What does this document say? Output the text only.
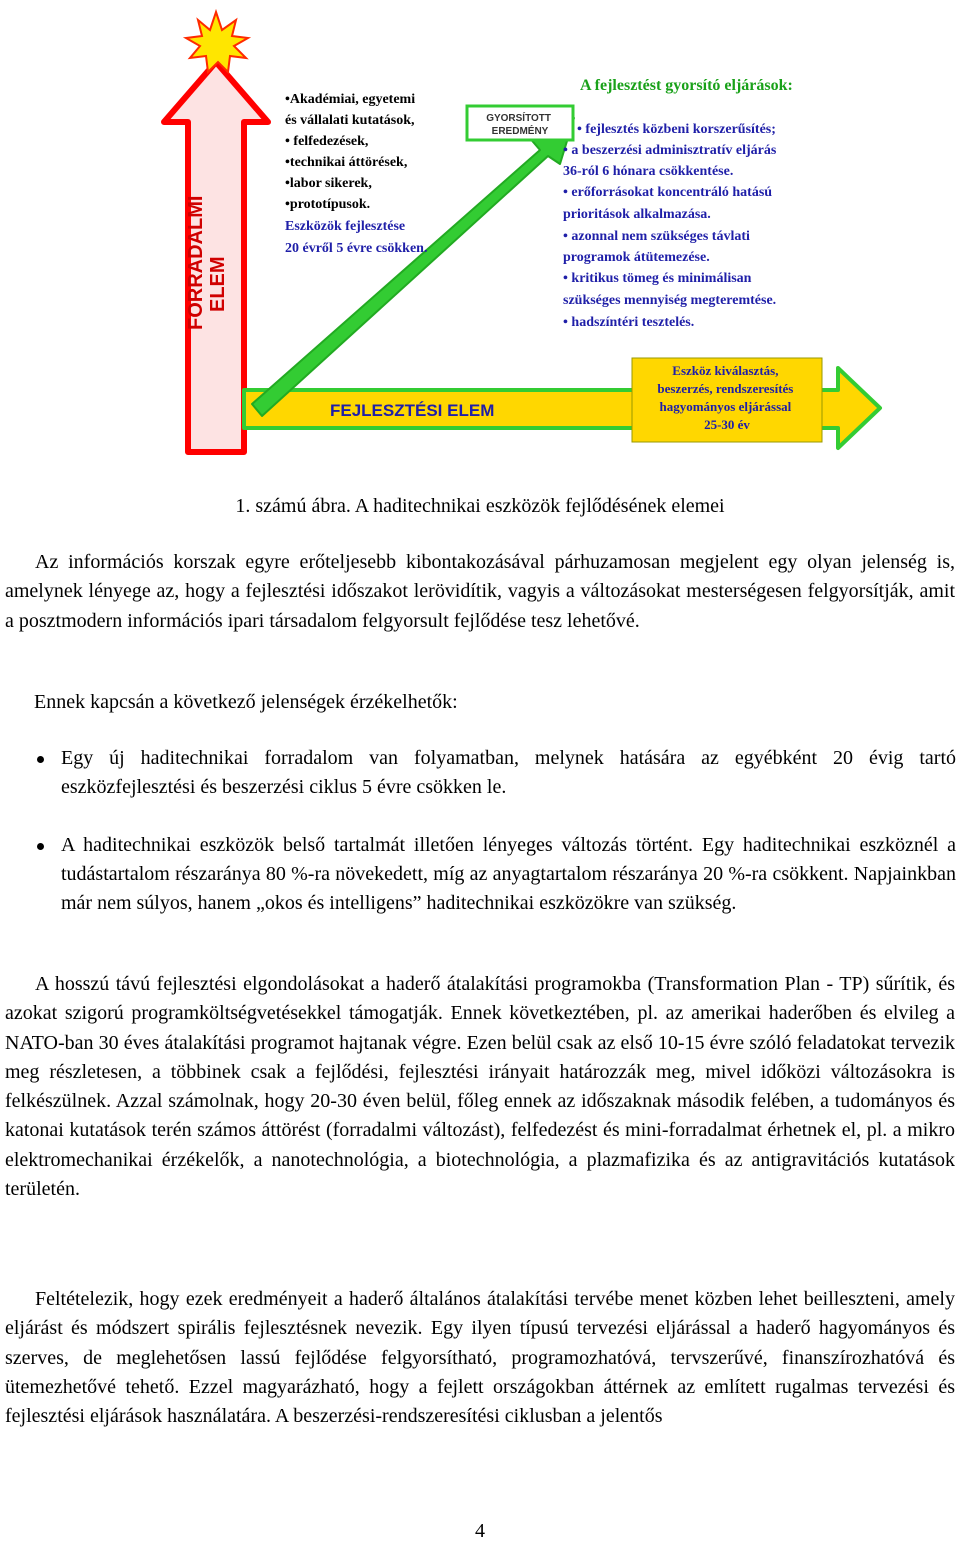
FORRADALMI ELEM
FEJLESZTÉSI ELEM
Eszköz kiválasztás, beszerzés, rendszeresítés hagyományos eljárással 25-30 év
GYORSÍTOTT EREDMÉNY
•Akadémiai, egyetemi és vállalati kutatások, • felfedezések, •technikai áttörések, •labor sikerek, •prototípusok.
Eszközök fejlesztése 20 évről 5 évre csökken.
A fejlesztést gyorsító eljárások:
• fejlesztés közbeni korszerűsítés; • a beszerzési adminisztratív eljárás 36-ról 6 hónara csökkentése. • erőforrásokat koncentráló hatású prioritások alkalmazása. • azonnal nem szükséges távlati programok átütemezése. • kritikus tömeg és minimálisan szükséges mennyiség megteremtése. • hadszíntéri tesztelés.
1. számú ábra. A haditechnikai eszközök fejlődésének elemei

Az információs korszak egyre erőteljesebb kibontakozásával párhuzamosan megjelent egy olyan jelenség is, amelynek lényege az, hogy a fejlesztési időszakot lerövidítik, vagyis a változásokat mesterségesen felgyorsítják, amit a posztmodern információs ipari társadalom felgyorsult fejlődése tesz lehetővé.

Ennek kapcsán a következő jelenségek érzékelhetők:

Egy új haditechnikai forradalom van folyamatban, melynek hatására az egyébként 20 évig tartó eszközfejlesztési és beszerzési ciklus 5 évre csökken le.
A haditechnikai eszközök belső tartalmát illetően lényeges változás történt. Egy haditechnikai eszköznél a tudástartalom részaránya 80 %-ra növekedett, míg az anyagtartalom részaránya 20 %-ra csökkent. Napjainkban már nem súlyos, hanem „okos és intelligens” haditechnikai eszközökre van szükség.

A hosszú távú fejlesztési elgondolásokat a haderő átalakítási programokba (Transformation Plan - TP) sűrítik, és azokat szigorú programköltségvetésekkel támogatják. Ennek következtében, pl. az amerikai haderőben és elvileg a NATO-ban 30 éves átalakítási programot hajtanak végre. Ezen belül csak az első 10-15 évre szóló feladatokat tervezik meg részletesen, a többinek csak a fejlődési, fejlesztési irányait határozzák meg, mivel időközi változásokra is felkészülnek. Azzal számolnak, hogy 20-30 éven belül, főleg ennek az időszaknak második felében, a tudományos és katonai kutatások terén számos áttörést (forradalmi változást), felfedezést és mini-forradalmat érhetnek el, pl. a mikro elektromechanikai érzékelők, a nanotechnológia, a biotechnológia, a plazmafizika és az antigravitációs kutatások területén.

Feltételezik, hogy ezek eredményeit a haderő általános átalakítási tervébe menet közben lehet beilleszteni, amely eljárást és módszert spirális fejlesztésnek nevezik. Egy ilyen típusú tervezési eljárással a haderő hagyományos és szerves, de meglehetősen lassú fejlődése felgyorsítható, programozhatóvá, tervszerűvé, finanszírozhatóvá és ütemezhetővé tehető. Ezzel magyarázható, hogy a fejlett országokban áttérnek az említett rugalmas tervezési és fejlesztési eljárások használatára. A beszerzési-rendszeresítési ciklusban a jelentős

4
